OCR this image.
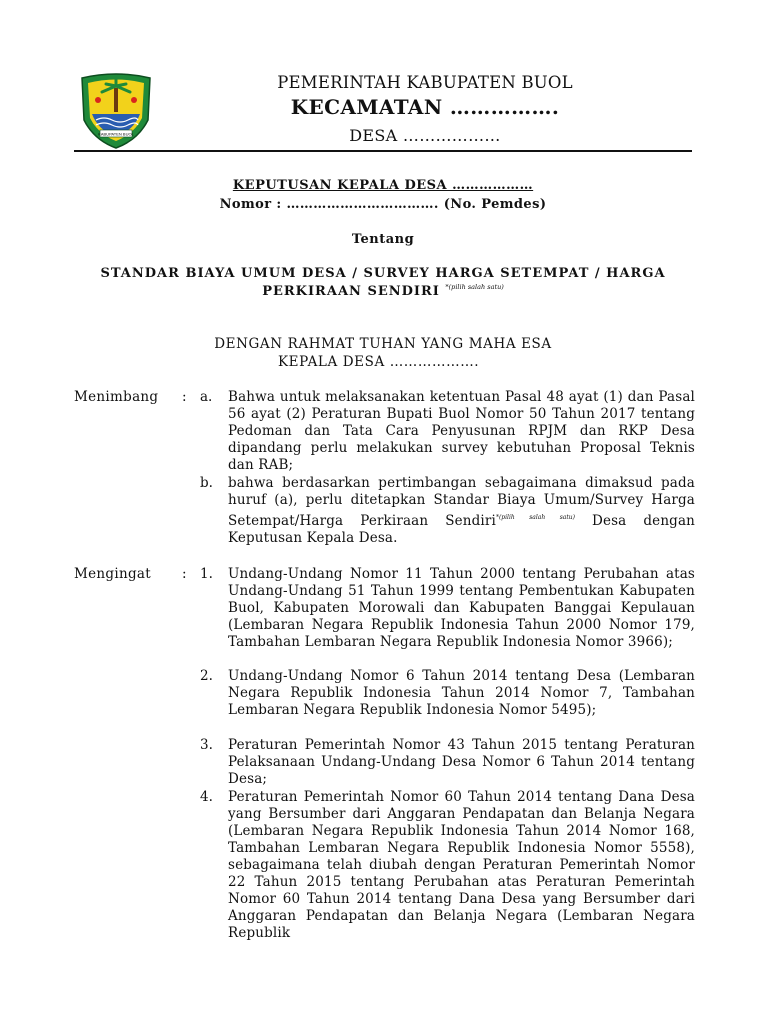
KABUPATEN BUOL
PEMERINTAH KABUPATEN BUOL
KECAMATAN …………….
DESA ………………
KEPUTUSAN KEPALA DESA ………………
Nomor : ……………………………. (No. Pemdes)
Tentang
STANDAR BIAYA UMUM DESA / SURVEY HARGA SETEMPAT / HARGA
PERKIRAAN SENDIRI $^{*(pilih salah satu)}$
DENGAN RAHMAT TUHAN YANG MAHA ESA
KEPALA DESA ……………….
Menimbang : a. Bahwa untuk melaksanakan ketentuan Pasal 48 ayat (1) dan Pasal 56 ayat (2) Peraturan Bupati Buol Nomor 50 Tahun 2017 tentang Pedoman dan Tata Cara Penyusunan RPJM dan RKP Desa dipandang perlu melakukan survey kebutuhan Proposal Teknis dan RAB;

b. bahwa berdasarkan pertimbangan sebagaimana dimaksud pada huruf (a), perlu ditetapkan Standar Biaya Umum/Survey Harga Setempat/Harga Perkiraan Sendiri$^{*(pilih salah satu)}$ Desa dengan Keputusan Kepala Desa.

Mengingat : 1. Undang-Undang Nomor 11 Tahun 2000 tentang Perubahan atas Undang-Undang 51 Tahun 1999 tentang Pembentukan Kabupaten Buol, Kabupaten Morowali dan Kabupaten Banggai Kepulauan (Lembaran Negara Republik Indonesia Tahun 2000 Nomor 179, Tambahan Lembaran Negara Republik Indonesia Nomor 3966);

2. Undang-Undang Nomor 6 Tahun 2014 tentang Desa (Lembaran Negara Republik Indonesia Tahun 2014 Nomor 7, Tambahan Lembaran Negara Republik Indonesia Nomor 5495);

3. Peraturan Pemerintah Nomor 43 Tahun 2015 tentang Peraturan Pelaksanaan Undang-Undang Desa Nomor 6 Tahun 2014 tentang Desa;

4. Peraturan Pemerintah Nomor 60 Tahun 2014 tentang Dana Desa yang Bersumber dari Anggaran Pendapatan dan Belanja Negara (Lembaran Negara Republik Indonesia Tahun 2014 Nomor 168, Tambahan Lembaran Negara Republik Indonesia Nomor 5558), sebagaimana telah diubah dengan Peraturan Pemerintah Nomor 22 Tahun 2015 tentang Perubahan atas Peraturan Pemerintah Nomor 60 Tahun 2014 tentang Dana Desa yang Bersumber dari Anggaran Pendapatan dan Belanja Negara (Lembaran Negara Republik
